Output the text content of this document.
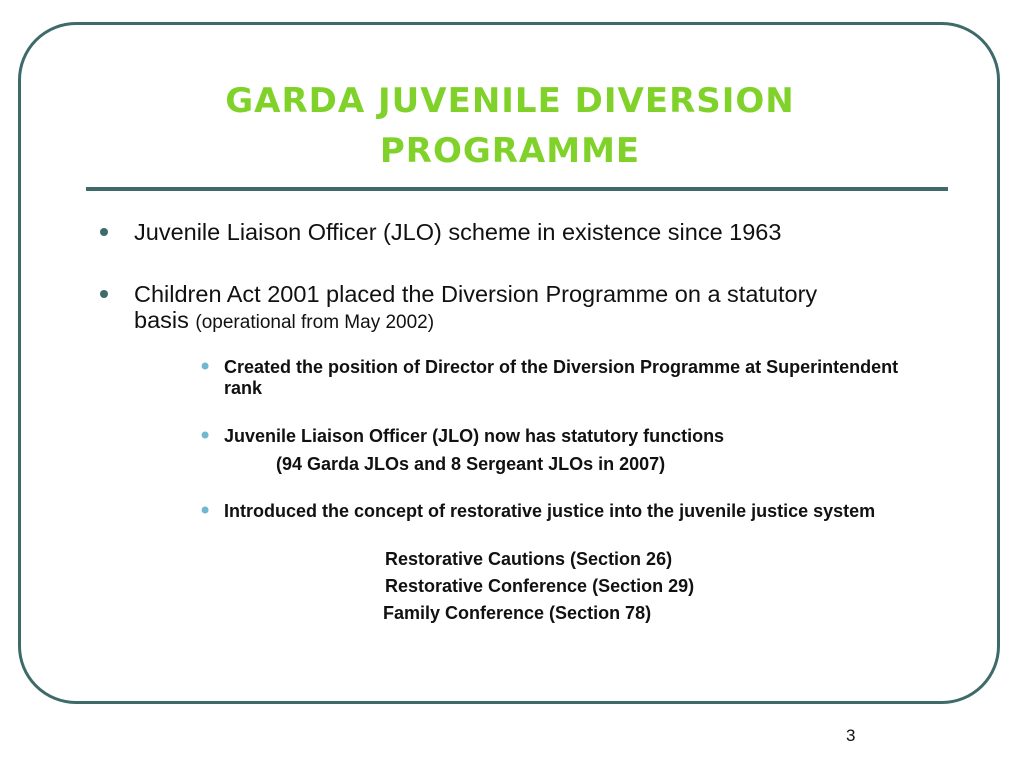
GARDA JUVENILE DIVERSION PROGRAMME
Juvenile Liaison Officer (JLO) scheme in existence since 1963
Children Act 2001 placed the Diversion Programme on a statutory basis (operational from May 2002)
• Created the position of Director of the Diversion Programme at Superintendent rank
• Juvenile Liaison Officer (JLO) now has statutory functions
(94 Garda JLOs and 8 Sergeant JLOs in 2007)
• Introduced the concept of restorative justice into the juvenile justice system
Restorative Cautions (Section 26)
Restorative Conference (Section 29)
Family Conference (Section 78)
3
